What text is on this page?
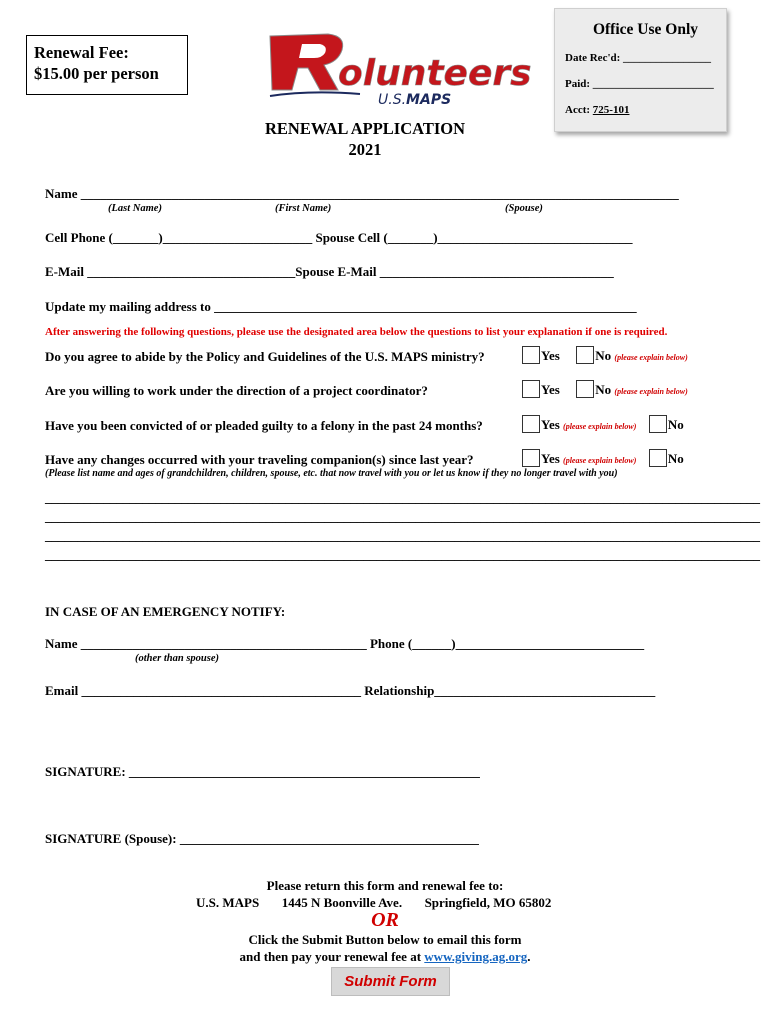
Renewal Fee:
$15.00 per person	olunteers
U.S.MAPS
Office Use Only
Date Rec'd: ________________
Paid: ______________________
Acct: 725-101
RENEWAL APPLICATION
2021
Name ____________________________________________________________________________________________
(Last Name)	(First Name)	(Spouse)
Cell Phone (_______)_______________________ Spouse Cell (_______)______________________________
E-Mail ________________________________Spouse E-Mail ____________________________________
Update my mailing address to _________________________________________________________________
After answering the following questions, please use the designated area below the questions to list your explanation if one is required.
Do you agree to abide by the Policy and Guidelines of the U.S. MAPS ministry?	Yes	No (please explain below)
Are you willing to work under the direction of a project coordinator?	Yes	No (please explain below)
Have you been convicted of or pleaded guilty to a felony in the past 24 months?	Yes (please explain below) No
Have any changes occurred with your traveling companion(s) since last year?	Yes (please explain below) No
(Please list name and ages of grandchildren, children, spouse, etc. that now travel with you or let us know if they no longer travel with you)
______________________________________________________________________________________________________________
______________________________________________________________________________________________________________
______________________________________________________________________________________________________________
______________________________________________________________________________________________________________
IN CASE OF AN EMERGENCY NOTIFY:
Name ____________________________________________ Phone (______)_____________________________
(other than spouse)
Email ___________________________________________ Relationship__________________________________
SIGNATURE: ______________________________________________________
SIGNATURE (Spouse): ______________________________________________
Please return this form and renewal fee to:
U.S. MAPS 1445 N Boonville Ave. Springfield, MO 65802
OR
Click the Submit Button below to email this form
and then pay your renewal fee at www.giving.ag.org.
Submit Form
